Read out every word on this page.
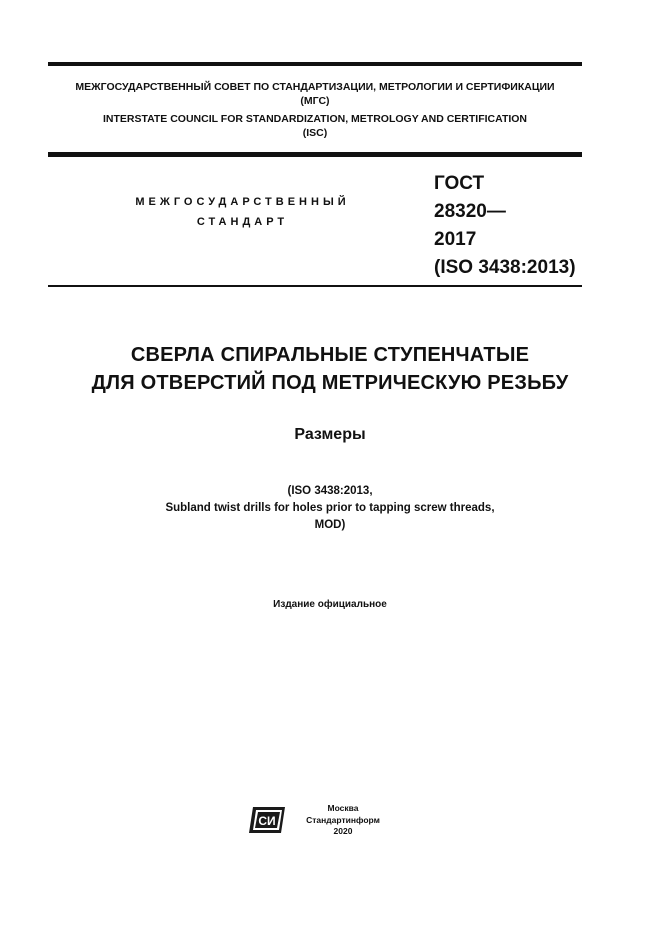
МЕЖГОСУДАРСТВЕННЫЙ СОВЕТ ПО СТАНДАРТИЗАЦИИ, МЕТРОЛОГИИ И СЕРТИФИКАЦИИ
(МГС)
INTERSTATE COUNCIL FOR STANDARDIZATION, METROLOGY AND CERTIFICATION
(ISC)
МЕЖГОСУДАРСТВЕННЫЙ
СТАНДАРТ
ГОСТ
28320—
2017
(ISO 3438:2013)
СВЕРЛА СПИРАЛЬНЫЕ СТУПЕНЧАТЫЕ
ДЛЯ ОТВЕРСТИЙ ПОД МЕТРИЧЕСКУЮ РЕЗЬБУ
Размеры
(ISO 3438:2013,
Subland twist drills for holes prior to tapping screw threads,
MOD)
Издание официальное
СИ
Москва
Стандартинформ
2020
